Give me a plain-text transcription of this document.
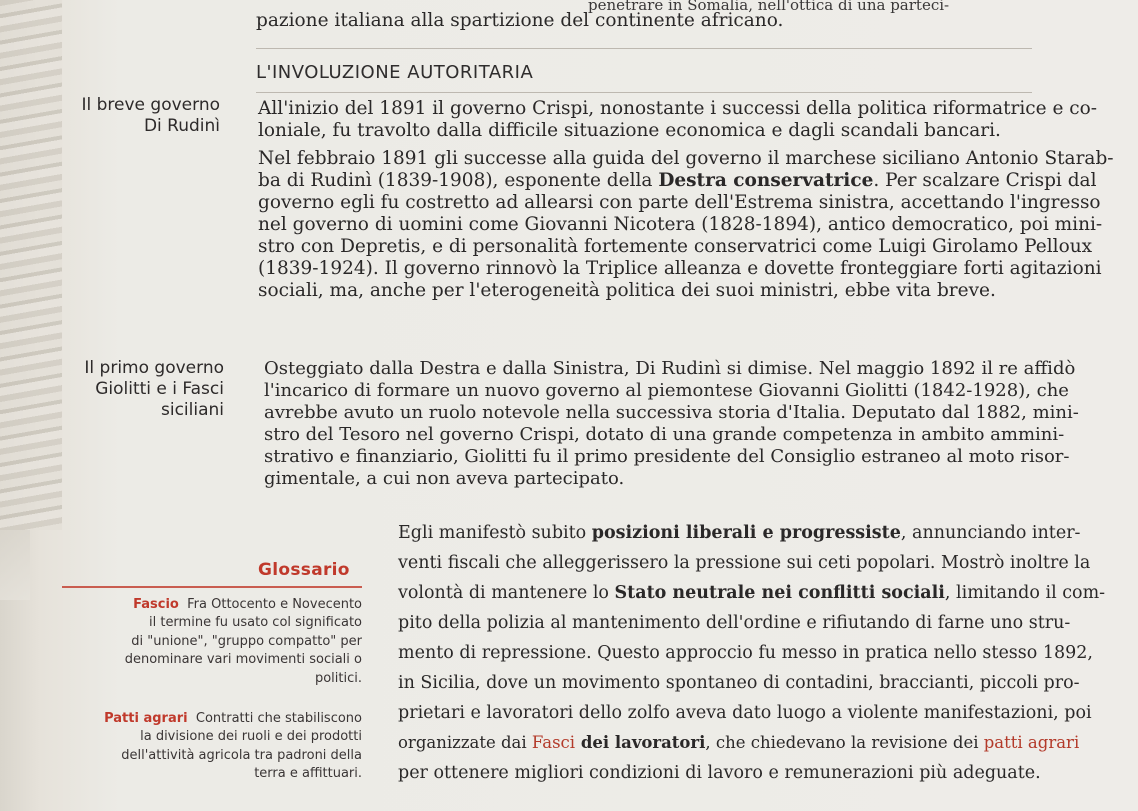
penetrare in Somalia, nell'ottica di una parteci-

pazione italiana alla spartizione del continente africano.

L'INVOLUZIONE AUTORITARIA
Il breve governo
Di Rudinì
Il primo governo
Giolitti e i Fasci
siciliani

All'inizio del 1891 il governo Crispi, nonostante i successi della politica riformatrice e co-

loniale, fu travolto dalla difficile situazione economica e dagli scandali bancari.

Nel febbraio 1891 gli successe alla guida del governo il marchese siciliano Antonio Starab-

ba di Rudinì (1839-1908), esponente della Destra conservatrice. Per scalzare Crispi dal

governo egli fu costretto ad allearsi con parte dell'Estrema sinistra, accettando l'ingresso

nel governo di uomini come Giovanni Nicotera (1828-1894), antico democratico, poi mini-

stro con Depretis, e di personalità fortemente conservatrici come Luigi Girolamo Pelloux

(1839-1924). Il governo rinnovò la Triplice alleanza e dovette fronteggiare forti agitazioni

sociali, ma, anche per l'eterogeneità politica dei suoi ministri, ebbe vita breve.

Osteggiato dalla Destra e dalla Sinistra, Di Rudinì si dimise. Nel maggio 1892 il re affidò

l'incarico di formare un nuovo governo al piemontese Giovanni Giolitti (1842-1928), che

avrebbe avuto un ruolo notevole nella successiva storia d'Italia. Deputato dal 1882, mini-

stro del Tesoro nel governo Crispi, dotato di una grande competenza in ambito ammini-

strativo e finanziario, Giolitti fu il primo presidente del Consiglio estraneo al moto risor-

gimentale, a cui non aveva partecipato.

Egli manifestò subito posizioni liberali e progressiste, annunciando inter-

venti fiscali che alleggerissero la pressione sui ceti popolari. Mostrò inoltre la

volontà di mantenere lo Stato neutrale nei conflitti sociali, limitando il com-

pito della polizia al mantenimento dell'ordine e rifiutando di farne uno stru-

mento di repressione. Questo approccio fu messo in pratica nello stesso 1892,

in Sicilia, dove un movimento spontaneo di contadini, braccianti, piccoli pro-

prietari e lavoratori dello zolfo aveva dato luogo a violente manifestazioni, poi

organizzate dai Fasci dei lavoratori, che chiedevano la revisione dei patti agrari

per ottenere migliori condizioni di lavoro e remunerazioni più adeguate.

Glossario
Fascio Fra Ottocento e Novecento
il termine fu usato col significato
di "unione", "gruppo compatto" per
denominare vari movimenti sociali o
politici.
Patti agrari Contratti che stabiliscono
la divisione dei ruoli e dei prodotti
dell'attività agricola tra padroni della
terra e affittuari.
